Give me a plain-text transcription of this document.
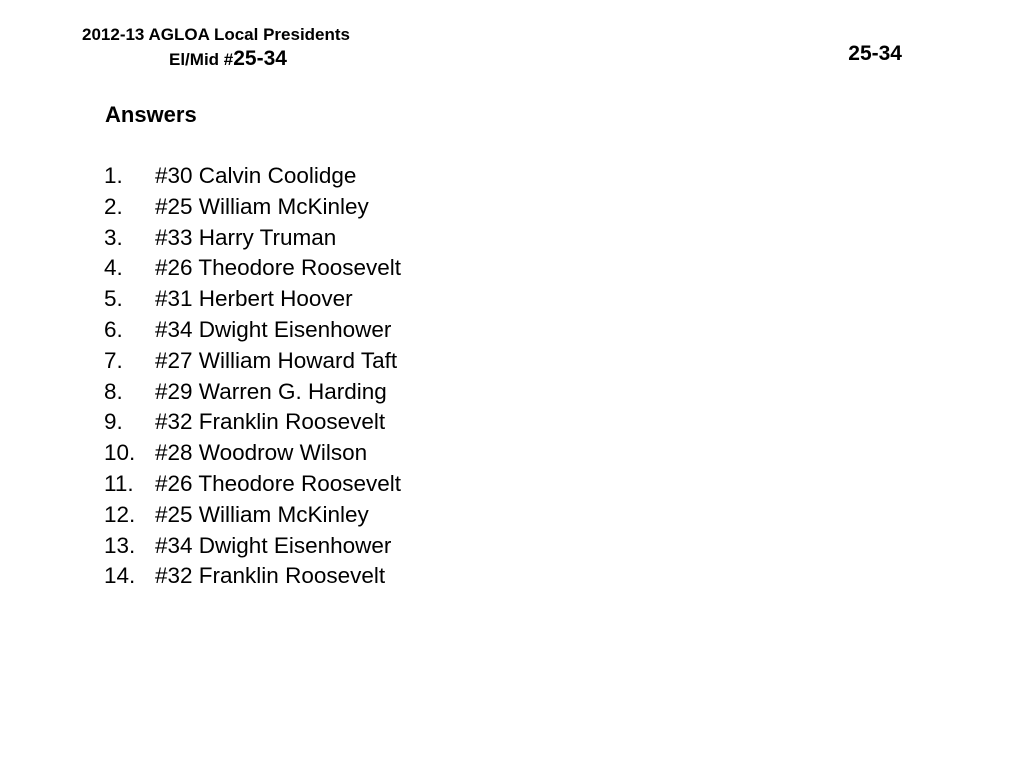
2012-13 AGLOA Local Presidents
El/Mid #25-34	25-34
Answers
1. #30 Calvin Coolidge
2. #25 William McKinley
3. #33 Harry Truman
4. #26 Theodore Roosevelt
5. #31 Herbert Hoover
6. #34 Dwight Eisenhower
7. #27 William Howard Taft
8. #29 Warren G. Harding
9. #32 Franklin Roosevelt
10. #28 Woodrow Wilson
11. #26 Theodore Roosevelt
12. #25 William McKinley
13. #34 Dwight Eisenhower
14. #32 Franklin Roosevelt
